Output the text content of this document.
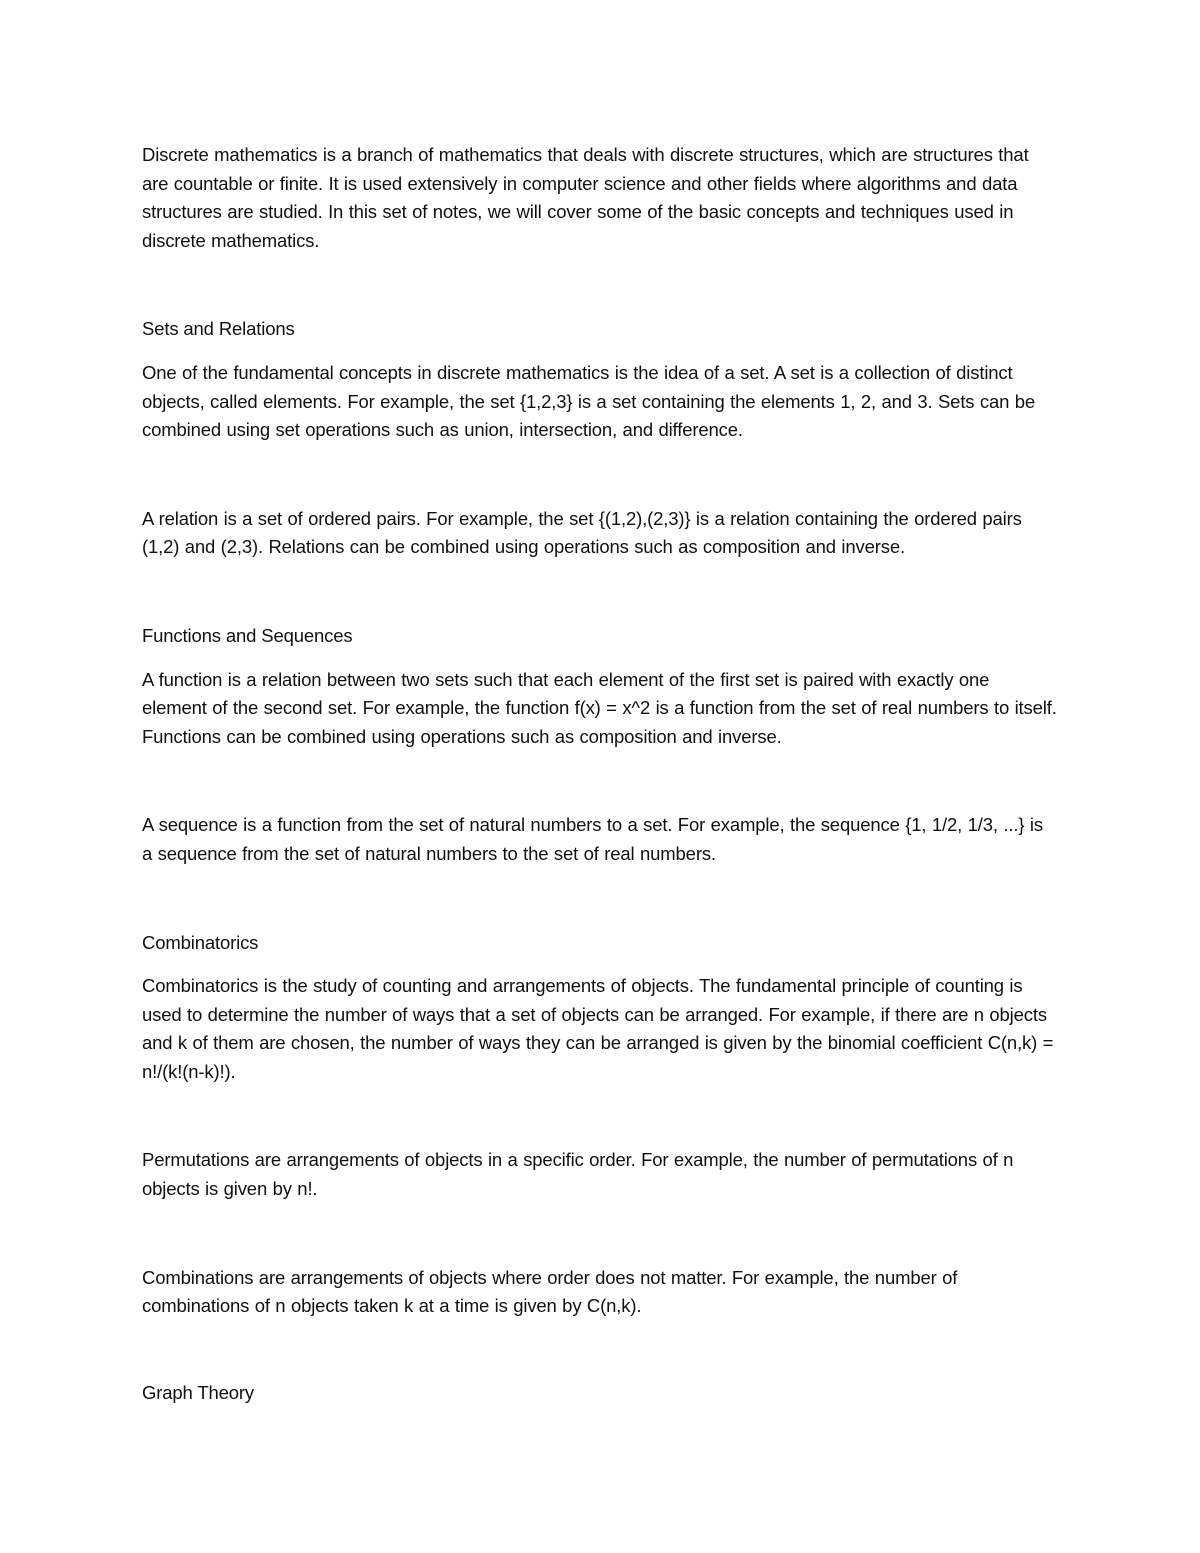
Discrete mathematics is a branch of mathematics that deals with discrete structures, which are structures that are countable or finite. It is used extensively in computer science and other fields where algorithms and data structures are studied. In this set of notes, we will cover some of the basic concepts and techniques used in discrete mathematics.

Sets and Relations

One of the fundamental concepts in discrete mathematics is the idea of a set. A set is a collection of distinct objects, called elements. For example, the set {1,2,3} is a set containing the elements 1, 2, and 3. Sets can be combined using set operations such as union, intersection, and difference.

A relation is a set of ordered pairs. For example, the set {(1,2),(2,3)} is a relation containing the ordered pairs (1,2) and (2,3). Relations can be combined using operations such as composition and inverse.

Functions and Sequences

A function is a relation between two sets such that each element of the first set is paired with exactly one element of the second set. For example, the function f(x) = x^2 is a function from the set of real numbers to itself. Functions can be combined using operations such as composition and inverse.

A sequence is a function from the set of natural numbers to a set. For example, the sequence {1, 1/2, 1/3, ...} is a sequence from the set of natural numbers to the set of real numbers.

Combinatorics

Combinatorics is the study of counting and arrangements of objects. The fundamental principle of counting is used to determine the number of ways that a set of objects can be arranged. For example, if there are n objects and k of them are chosen, the number of ways they can be arranged is given by the binomial coefficient C(n,k) = n!/(k!(n-k)!).

Permutations are arrangements of objects in a specific order. For example, the number of permutations of n objects is given by n!.

Combinations are arrangements of objects where order does not matter. For example, the number of combinations of n objects taken k at a time is given by C(n,k).

Graph Theory
